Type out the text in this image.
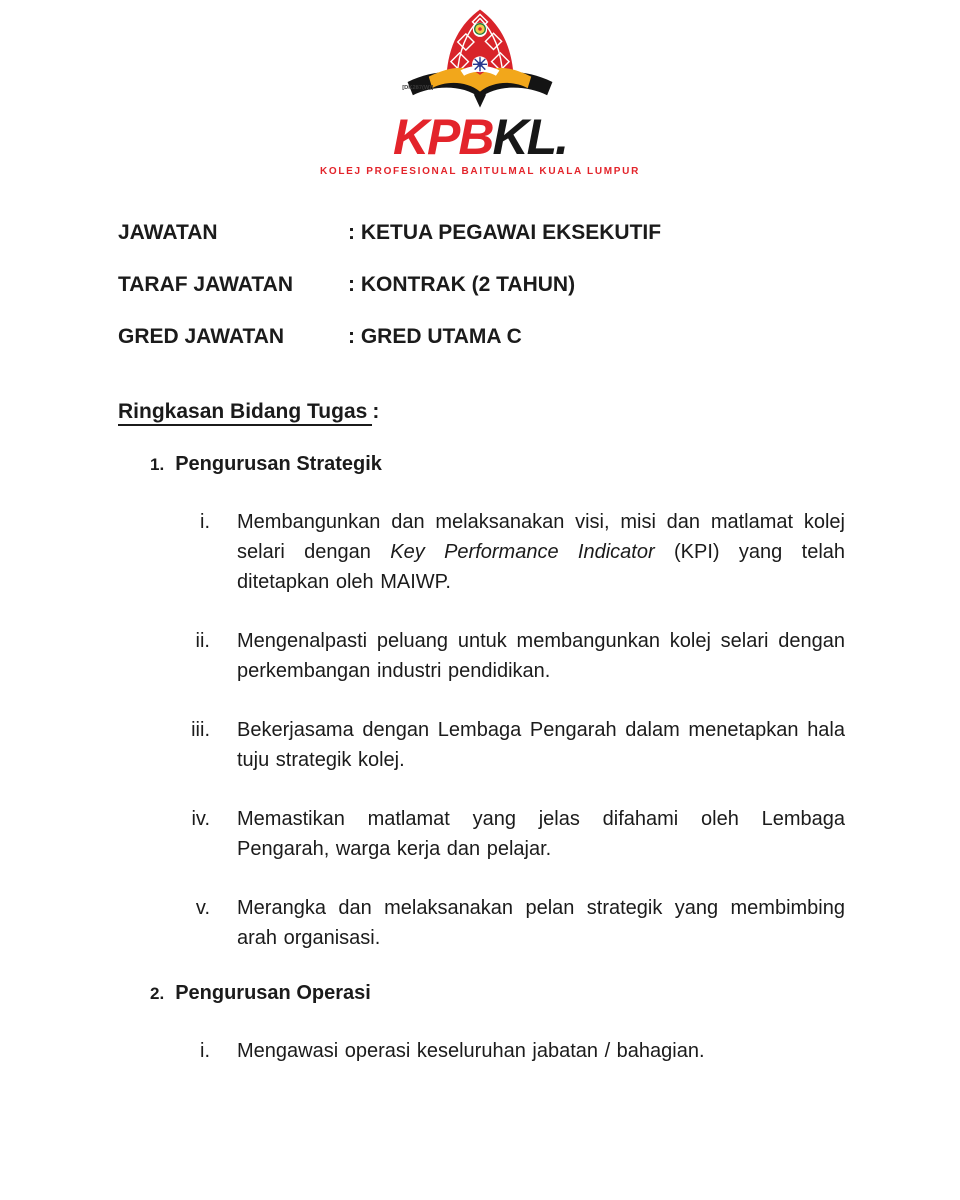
[DK287(W)]
KPBKL.
KOLEJ PROFESIONAL BAITULMAL KUALA LUMPUR
JAWATAN	: KETUA PEGAWAI EKSEKUTIF
TARAF JAWATAN	: KONTRAK (2 TAHUN)
GRED JAWATAN	: GRED UTAMA C
Ringkasan Bidang Tugas :
1. Pengurusan Strategik
i. Membangunkan dan melaksanakan visi, misi dan matlamat kolej selari dengan Key Performance Indicator (KPI) yang telah ditetapkan oleh MAIWP.
ii. Mengenalpasti peluang untuk membangunkan kolej selari dengan perkembangan industri pendidikan.
iii. Bekerjasama dengan Lembaga Pengarah dalam menetapkan hala tuju strategik kolej.
iv. Memastikan matlamat yang jelas difahami oleh Lembaga Pengarah, warga kerja dan pelajar.
v. Merangka dan melaksanakan pelan strategik yang membimbing arah organisasi.
2. Pengurusan Operasi
i. Mengawasi operasi keseluruhan jabatan / bahagian.
